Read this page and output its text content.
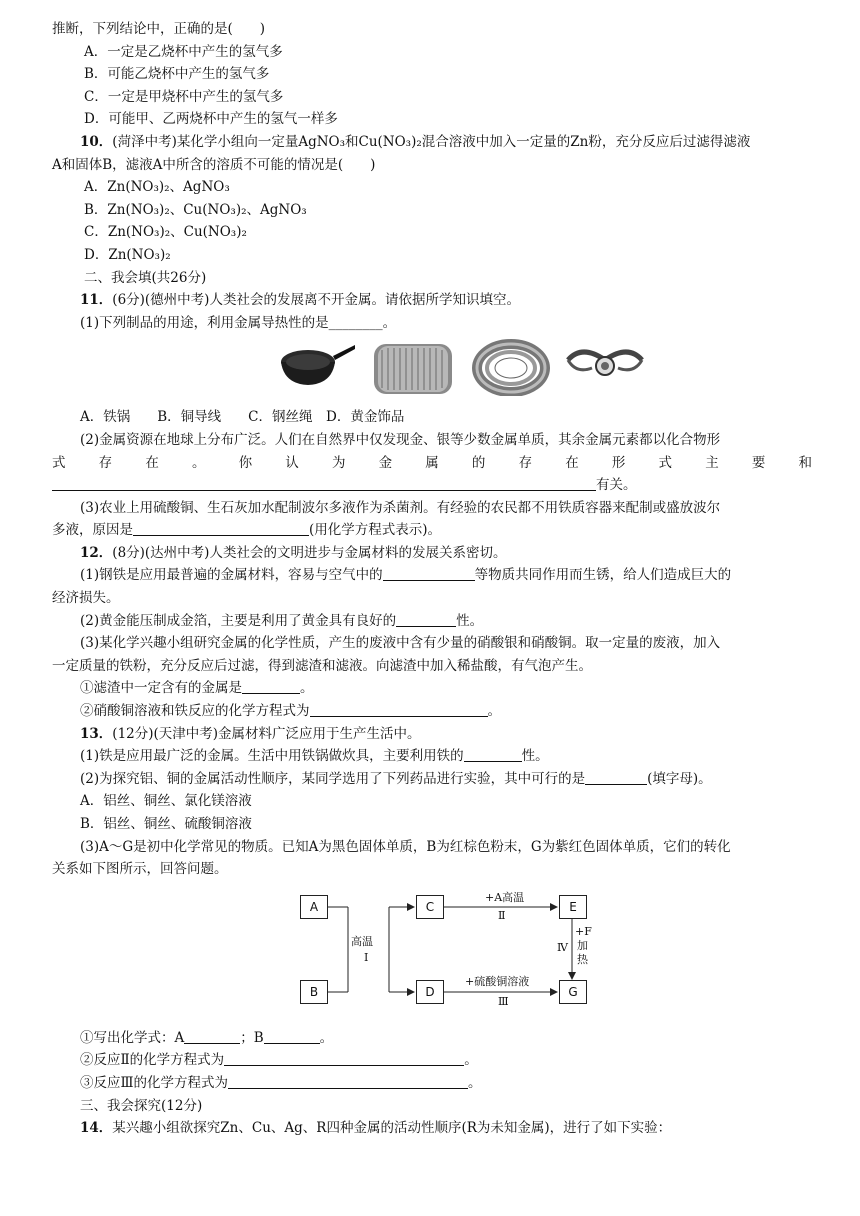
推断，下列结论中，正确的是(　　)
A．一定是乙烧杯中产生的氢气多
B．可能乙烧杯中产生的氢气多
C．一定是甲烧杯中产生的氢气多
D．可能甲、乙两烧杯中产生的氢气一样多
10．(菏泽中考)某化学小组向一定量AgNO₃和Cu(NO₃)₂混合溶液中加入一定量的Zn粉，充分反应后过滤得滤液
A和固体B，滤液A中所含的溶质不可能的情况是(　　)
A．Zn(NO₃)₂、AgNO₃
B．Zn(NO₃)₂、Cu(NO₃)₂、AgNO₃
C．Zn(NO₃)₂、Cu(NO₃)₂
D．Zn(NO₃)₂
二、我会填(共26分)
11．(6分)(德州中考)人类社会的发展离不开金属。请依据所学知识填空。
(1)下列制品的用途，利用金属导热性的是________。
A．铁锅　　B．铜导线　　C．钢丝绳　D．黄金饰品
(2)金属资源在地球上分布广泛。人们在自然界中仅发现金、银等少数金属单质，其余金属元素都以化合物形
式 存 在 。 你 认 为 金 属 的 存 在 形 式 主 要 和
有关。
(3)农业上用硫酸铜、生石灰加水配制波尔多液作为杀菌剂。有经验的农民都不用铁质容器来配制或盛放波尔
多液，原因是	(用化学方程式表示)。
12．(8分)(达州中考)人类社会的文明进步与金属材料的发展关系密切。
(1)钢铁是应用最普遍的金属材料，容易与空气中的	等物质共同作用而生锈，给人们造成巨大的
经济损失。
(2)黄金能压制成金箔，主要是利用了黄金具有良好的	性。
(3)某化学兴趣小组研究金属的化学性质，产生的废液中含有少量的硝酸银和硝酸铜。取一定量的废液，加入
一定质量的铁粉，充分反应后过滤，得到滤渣和滤液。向滤渣中加入稀盐酸，有气泡产生。
①滤渣中一定含有的金属是	。
②硝酸铜溶液和铁反应的化学方程式为	。
13．(12分)(天津中考)金属材料广泛应用于生产生活中。
(1)铁是应用最广泛的金属。生活中用铁锅做炊具，主要利用铁的	性。
(2)为探究铝、铜的金属活动性顺序，某同学选用了下列药品进行实验，其中可行的是	(填字母)。
A．铝丝、铜丝、氯化镁溶液
B．铝丝、铜丝、硫酸铜溶液
(3)A～G是初中化学常见的物质。已知A为黑色固体单质，B为红棕色粉末，G为紫红色固体单质，它们的转化
关系如下图所示，回答问题。
A
B
C
D
E
G
高温
Ⅰ
+A高温
Ⅱ
+硫酸铜溶液
Ⅲ
Ⅳ
+F
加
热
①写出化学式：A	；B	。
②反应Ⅱ的化学方程式为	。
③反应Ⅲ的化学方程式为	。
三、我会探究(12分)
14．某兴趣小组欲探究Zn、Cu、Ag、R四种金属的活动性顺序(R为未知金属)，进行了如下实验：
